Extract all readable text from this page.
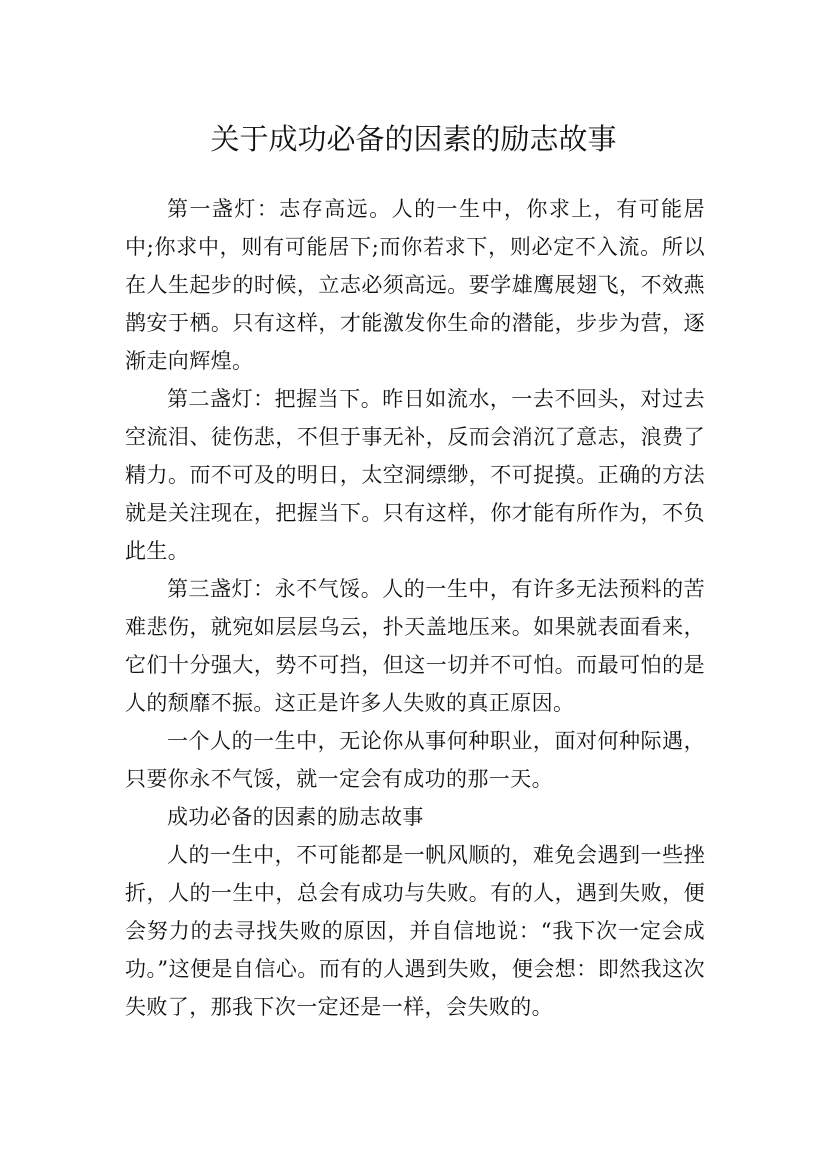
关于成功必备的因素的励志故事

第一盏灯：志存高远。人的一生中，你求上，有可能居中;你求中，则有可能居下;而你若求下，则必定不入流。所以在人生起步的时候，立志必须高远。要学雄鹰展翅飞，不效燕鹊安于栖。只有这样，才能激发你生命的潜能，步步为营，逐渐走向辉煌。

第二盏灯：把握当下。昨日如流水，一去不回头，对过去空流泪、徒伤悲，不但于事无补，反而会消沉了意志，浪费了精力。而不可及的明日，太空洞缥缈，不可捉摸。正确的方法就是关注现在，把握当下。只有这样，你才能有所作为，不负此生。

第三盏灯：永不气馁。人的一生中，有许多无法预料的苦难悲伤，就宛如层层乌云，扑天盖地压来。如果就表面看来，它们十分强大，势不可挡，但这一切并不可怕。而最可怕的是人的颓靡不振。这正是许多人失败的真正原因。

一个人的一生中，无论你从事何种职业，面对何种际遇，只要你永不气馁，就一定会有成功的那一天。

成功必备的因素的励志故事

人的一生中，不可能都是一帆风顺的，难免会遇到一些挫折，人的一生中，总会有成功与失败。有的人，遇到失败，便会努力的去寻找失败的原因，并自信地说：“我下次一定会成功。”这便是自信心。而有的人遇到失败，便会想：即然我这次失败了，那我下次一定还是一样，会失败的。
